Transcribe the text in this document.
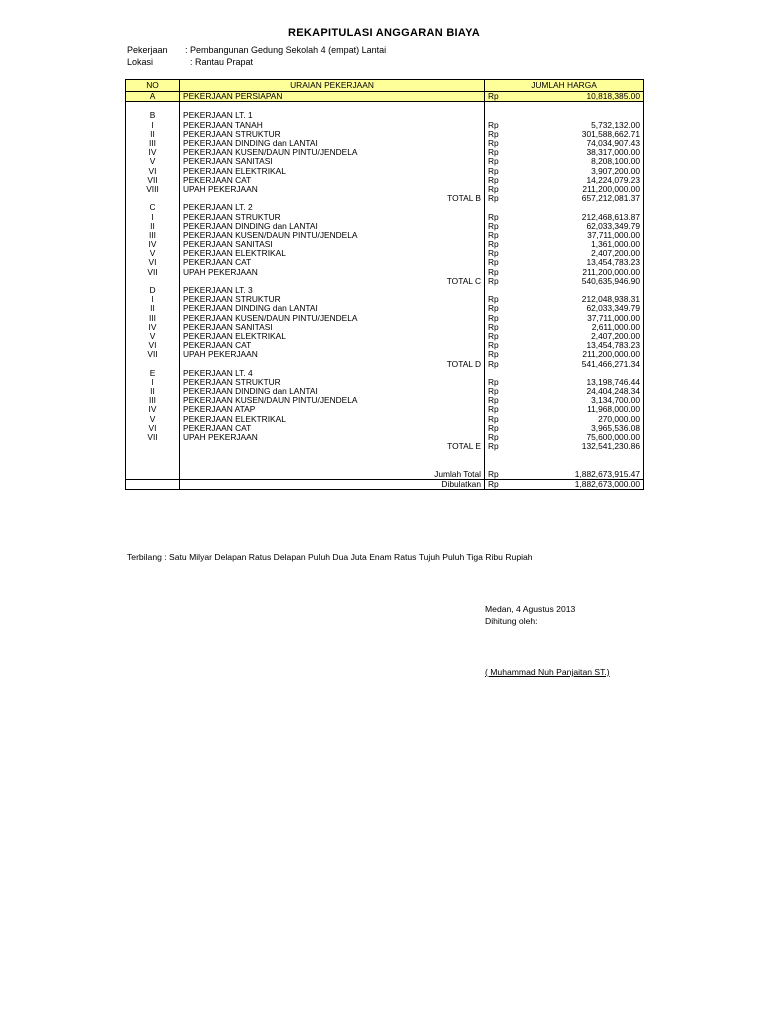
REKAPITULASI ANGGARAN BIAYA
Pekerjaan : Pembangunan Gedung Sekolah 4 (empat) Lantai
Lokasi	: Rantau Prapat
NO	URAIAN PEKERJAAN	JUMLAH HARGA	
A	PEKERJAAN PERSIAPAN	Rp	10,818,385.00

B	PEKERJAAN LT. 1		
I	PEKERJAAN TANAH	Rp	5,732,132.00
II	PEKERJAAN STRUKTUR	Rp	301,588,662.71
III	PEKERJAAN DINDING dan LANTAI	Rp	74,034,907.43
IV	PEKERJAAN KUSEN/DAUN PINTU/JENDELA	Rp	38,317,000.00
V	PEKERJAAN SANITASI	Rp	8,208,100.00
VI	PEKERJAAN ELEKTRIKAL	Rp	3,907,200.00
VII	PEKERJAAN CAT	Rp	14,224,079.23
VIII	UPAH PEKERJAAN	Rp	211,200,000.00
	TOTAL B	Rp	657,212,081.37
C	PEKERJAAN LT. 2		
I	PEKERJAAN STRUKTUR	Rp	212,468,613.87
II	PEKERJAAN DINDING dan LANTAI	Rp	62,033,349.79
III	PEKERJAAN KUSEN/DAUN PINTU/JENDELA	Rp	37,711,000.00
IV	PEKERJAAN SANITASI	Rp	1,361,000.00
V	PEKERJAAN ELEKTRIKAL	Rp	2,407,200.00
VI	PEKERJAAN CAT	Rp	13,454,783.23
VII	UPAH PEKERJAAN	Rp	211,200,000.00
	TOTAL C	Rp	540,635,946.90
D	PEKERJAAN LT. 3		
I	PEKERJAAN STRUKTUR	Rp	212,048,938.31
II	PEKERJAAN DINDING dan LANTAI	Rp	62,033,349.79
III	PEKERJAAN KUSEN/DAUN PINTU/JENDELA	Rp	37,711,000.00
IV	PEKERJAAN SANITASI	Rp	2,611,000.00
V	PEKERJAAN ELEKTRIKAL	Rp	2,407,200.00
VI	PEKERJAAN CAT	Rp	13,454,783.23
VII	UPAH PEKERJAAN	Rp	211,200,000.00
	TOTAL D	Rp	541,466,271.34
E	PEKERJAAN LT. 4		
I	PEKERJAAN STRUKTUR	Rp	13,198,746.44
II	PEKERJAAN DINDING dan LANTAI	Rp	24,404,248.34
III	PEKERJAAN KUSEN/DAUN PINTU/JENDELA	Rp	3,134,700.00
IV	PEKERJAAN ATAP	Rp	11,968,000.00
V	PEKERJAAN ELEKTRIKAL	Rp	270,000.00
VI	PEKERJAAN CAT	Rp	3,965,536.08
VII	UPAH PEKERJAAN	Rp	75,600,000.00
	TOTAL E	Rp	132,541,230.86

	Jumlah Total	Rp	1,882,673,915.47
	Dibulatkan	Rp	1,882,673,000.00
Terbilang : Satu Milyar Delapan Ratus Delapan Puluh Dua Juta Enam Ratus Tujuh Puluh Tiga Ribu Rupiah
Medan, 4 Agustus 2013
Dihitung oleh:
( Muhammad Nuh Panjaitan ST.)
